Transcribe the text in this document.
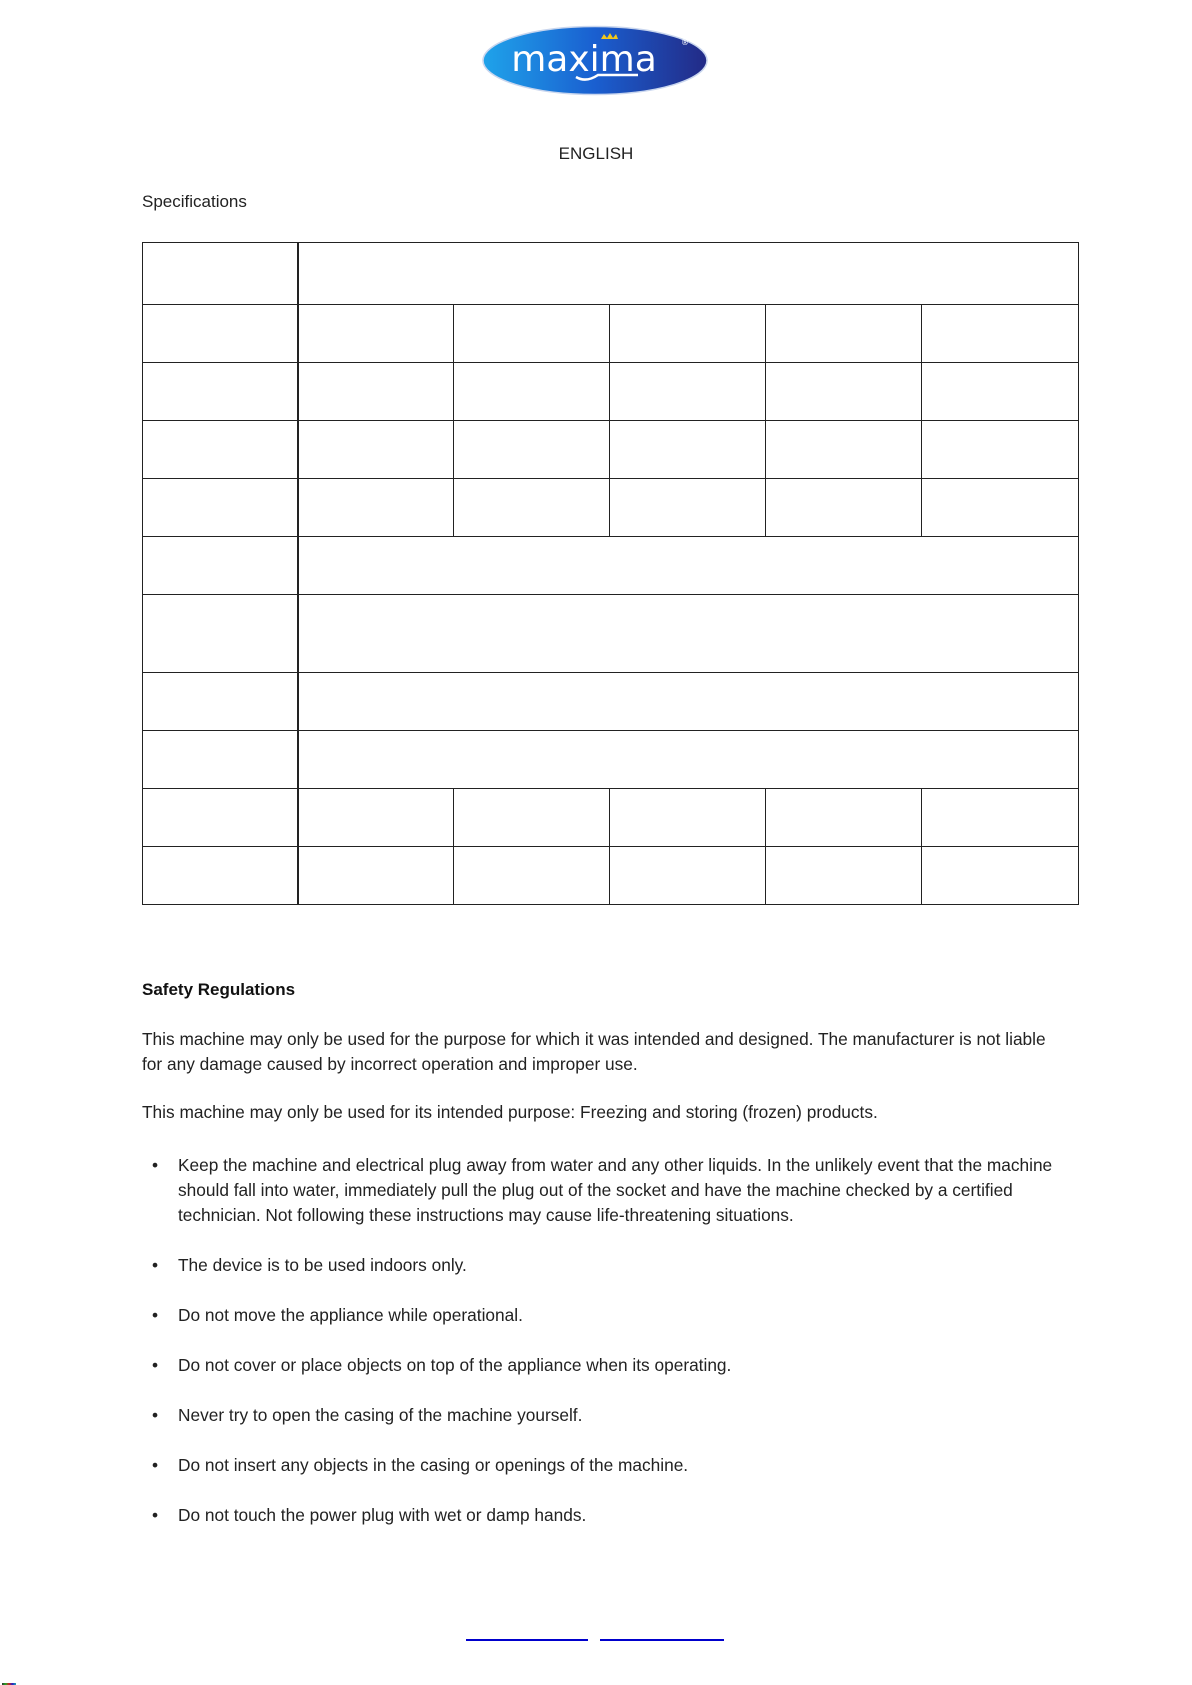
maxima	®
ENGLISH
Specifications

Safety Regulations
This machine may only be used for the purpose for which it was intended and designed. The manufacturer is not liable for any damage caused by incorrect operation and improper use.
This machine may only be used for its intended purpose: Freezing and storing (frozen) products.
• Keep the machine and electrical plug away from water and any other liquids. In the unlikely event that the machine should fall into water, immediately pull the plug out of the socket and have the machine checked by a certified technician. Not following these instructions may cause life-threatening situations.
• The device is to be used indoors only.
• Do not move the appliance while operational.
• Do not cover or place objects on top of the appliance when its operating.
• Never try to open the casing of the machine yourself.
• Do not insert any objects in the casing or openings of the machine.
• Do not touch the power plug with wet or damp hands.
